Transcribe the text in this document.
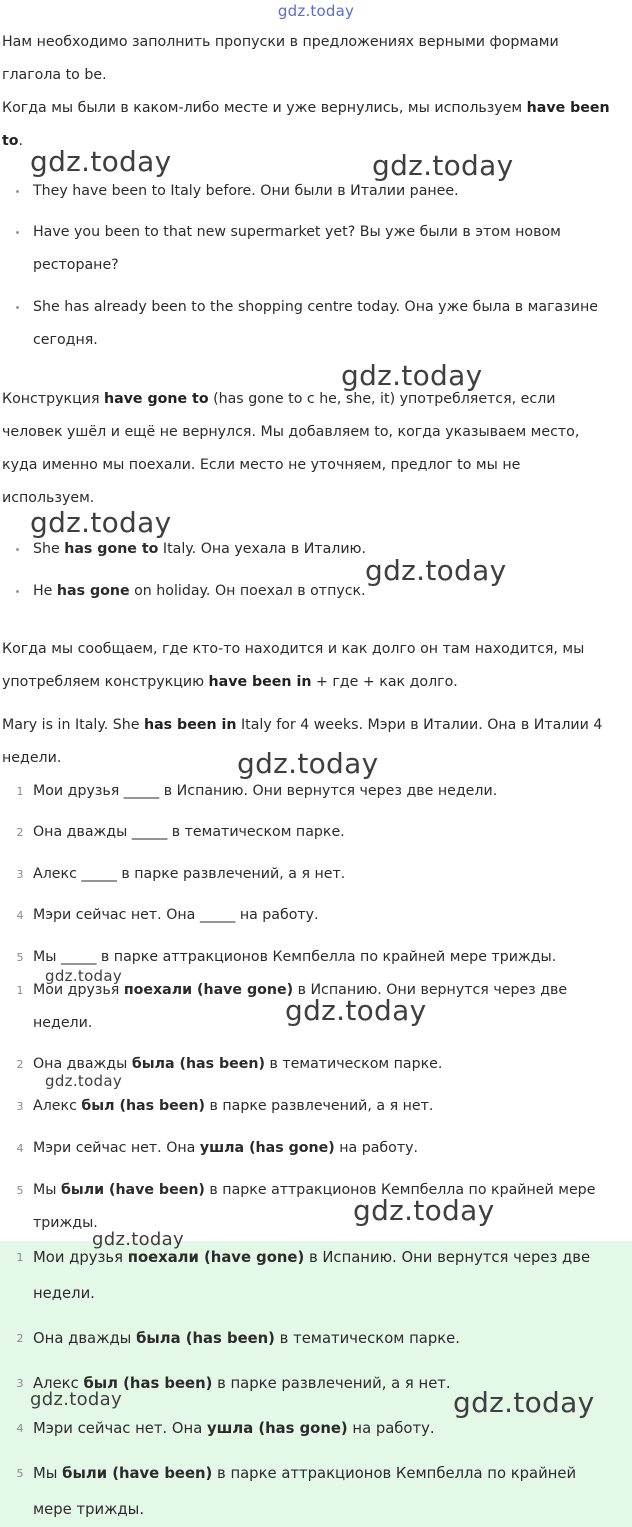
gdz.today
Нам необходимо заполнить пропуски в предложениях верными формами
глагола to be.
Когда мы были в каком-либо месте и уже вернулись, мы используем have been
to.
They have been to Italy before. Они были в Италии ранее.
Have you been to that new supermarket yet? Вы уже были в этом новом
ресторане?
She has already been to the shopping centre today. Она уже была в магазине
сегодня.
Конструкция have gone to (has gone to с he, she, it) употребляется, если
человек ушёл и ещё не вернулся. Мы добавляем to, когда указываем место,
куда именно мы поехали. Если место не уточняем, предлог to мы не
используем.
She has gone to Italy. Она уехала в Италию.
He has gone on holiday. Он поехал в отпуск.
Когда мы сообщаем, где кто-то находится и как долго он там находится, мы
употребляем конструкцию have been in + где + как долго.
Mary is in Italy. She has been in Italy for 4 weeks. Мэри в Италии. Она в Италии 4
недели.
1 Мои друзья _____ в Испанию. Они вернутся через две недели.
2 Она дважды _____ в тематическом парке.
3 Алекс _____ в парке развлечений, а я нет.
4 Мэри сейчас нет. Она _____ на работу.
5 Мы _____ в парке аттракционов Кемпбелла по крайней мере трижды.
1 Мои друзья поехали (have gone) в Испанию. Они вернутся через две
недели.
2 Она дважды была (has been) в тематическом парке.
3 Алекс был (has been) в парке развлечений, а я нет.
4 Мэри сейчас нет. Она ушла (has gone) на работу.
5 Мы были (have been) в парке аттракционов Кемпбелла по крайней мере
трижды.
1 Мои друзья поехали (have gone) в Испанию. Они вернутся через две
недели.
2 Она дважды была (has been) в тематическом парке.
3 Алекс был (has been) в парке развлечений, а я нет.
4 Мэри сейчас нет. Она ушла (has gone) на работу.
5 Мы были (have been) в парке аттракционов Кемпбелла по крайней
мере трижды.
gdz.today	gdz.today
gdz.today
gdz.today
gdz.today
gdz.today
gdz.today
gdz.today
gdz.today
gdz.today
gdz.today
gdz.today	gdz.today
